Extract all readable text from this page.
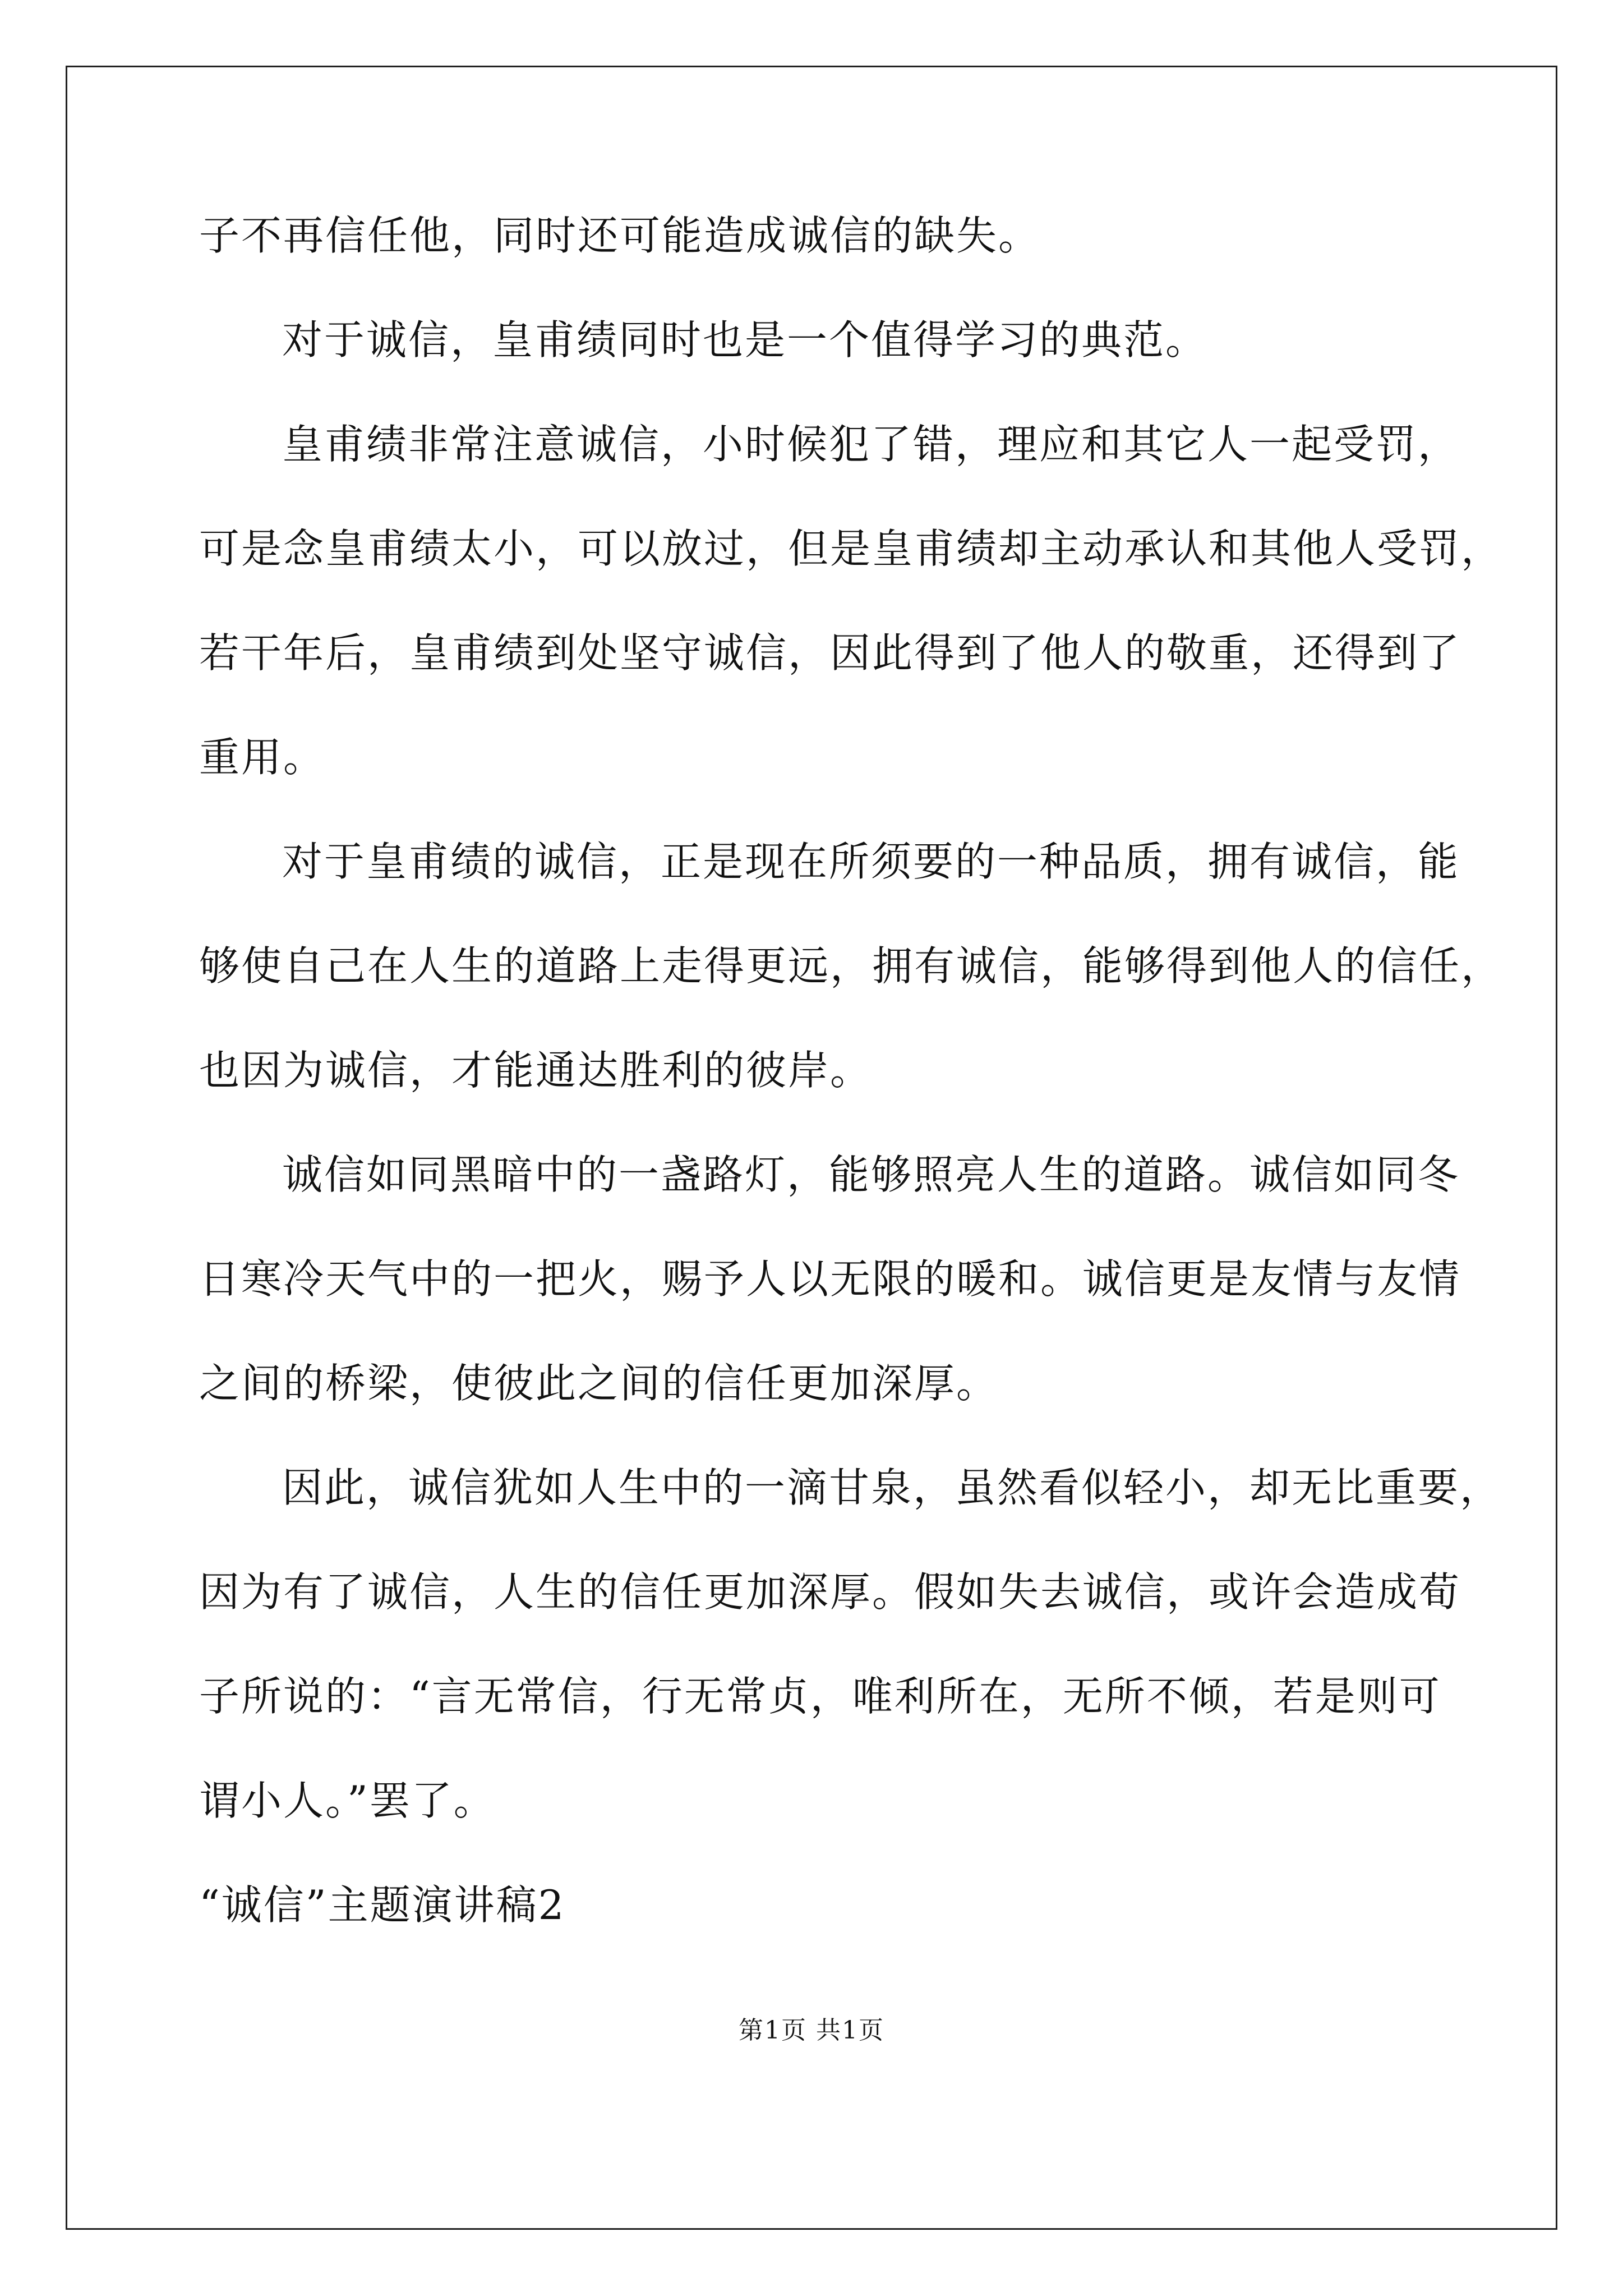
子不再信任他，同时还可能造成诚信的缺失。
对于诚信，皇甫绩同时也是一个值得学习的典范。
皇甫绩非常注意诚信，小时候犯了错，理应和其它人一起受罚，
可是念皇甫绩太小，可以放过，但是皇甫绩却主动承认和其他人受罚，
若干年后，皇甫绩到处坚守诚信，因此得到了他人的敬重，还得到了
重用。
对于皇甫绩的诚信，正是现在所须要的一种品质，拥有诚信，能
够使自己在人生的道路上走得更远，拥有诚信，能够得到他人的信任，
也因为诚信，才能通达胜利的彼岸。
诚信如同黑暗中的一盏路灯，能够照亮人生的道路。诚信如同冬
日寒冷天气中的一把火，赐予人以无限的暖和。诚信更是友情与友情
之间的桥梁，使彼此之间的信任更加深厚。
因此，诚信犹如人生中的一滴甘泉，虽然看似轻小，却无比重要，
因为有了诚信，人生的信任更加深厚。假如失去诚信，或许会造成荀
子所说的：“言无常信，行无常贞，唯利所在，无所不倾，若是则可
谓小人。”罢了。
“诚信”主题演讲稿2
第1页 共1页
